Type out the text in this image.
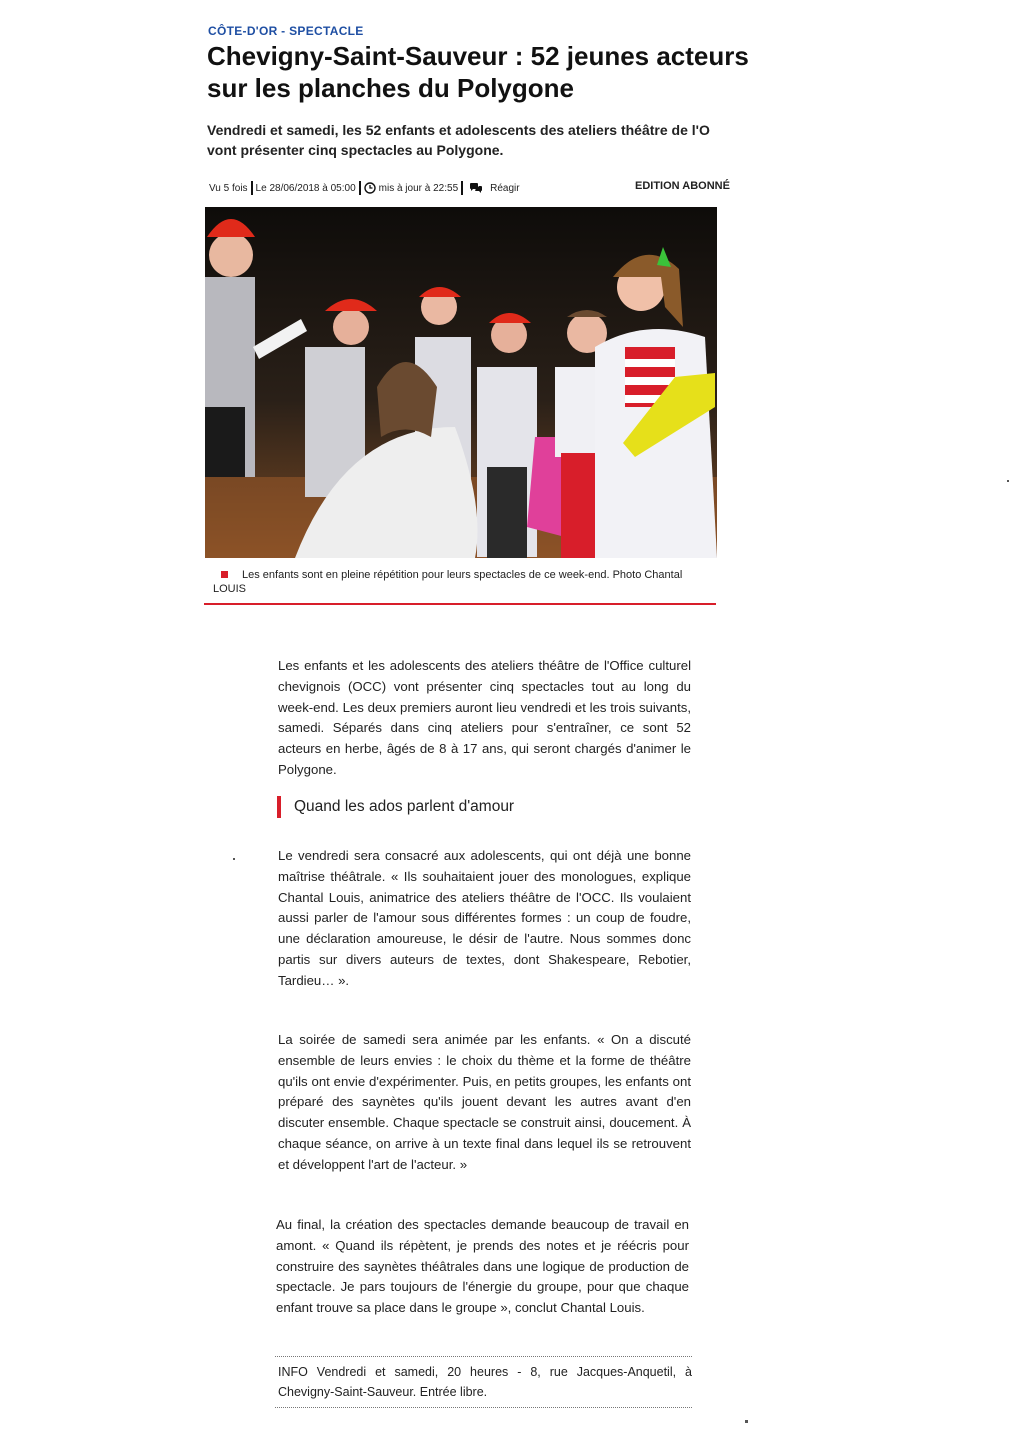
CÔTE-D'OR - SPECTACLE
Chevigny-Saint-Sauveur : 52 jeunes acteurs
sur les planches du Polygone
Vendredi et samedi, les 52 enfants et adolescents des ateliers théâtre de l'O
vont présenter cinq spectacles au Polygone.
Vu 5 fois Le 28/06/2018 à 05:00 mis à jour à 22:55	Réagir	EDITION ABONNÉ
Les enfants sont en pleine répétition pour leurs spectacles de ce week-end. Photo Chantal LOUIS
Les enfants et les adolescents des ateliers théâtre de l'Office culturel chevignois (OCC) vont présenter cinq spectacles tout au long du week-end. Les deux premiers auront lieu vendredi et les trois suivants, samedi. Séparés dans cinq ateliers pour s'entraîner, ce sont 52 acteurs en herbe, âgés de 8 à 17 ans, qui seront chargés d'animer le Polygone.
Quand les ados parlent d'amour
Le vendredi sera consacré aux adolescents, qui ont déjà une bonne maîtrise théâtrale. « Ils souhaitaient jouer des monologues, explique Chantal Louis, animatrice des ateliers théâtre de l'OCC. Ils voulaient aussi parler de l'amour sous différentes formes : un coup de foudre, une déclaration amoureuse, le désir de l'autre. Nous sommes donc partis sur divers auteurs de textes, dont Shakespeare, Rebotier, Tardieu… ».
La soirée de samedi sera animée par les enfants. « On a discuté ensemble de leurs envies : le choix du thème et la forme de théâtre qu'ils ont envie d'expérimenter. Puis, en petits groupes, les enfants ont préparé des saynètes qu'ils jouent devant les autres avant d'en discuter ensemble. Chaque spectacle se construit ainsi, doucement. À chaque séance, on arrive à un texte final dans lequel ils se retrouvent et développent l'art de l'acteur. »
Au final, la création des spectacles demande beaucoup de travail en amont. « Quand ils répètent, je prends des notes et je réécris pour construire des saynètes théâtrales dans une logique de production de spectacle. Je pars toujours de l'énergie du groupe, pour que chaque enfant trouve sa place dans le groupe », conclut Chantal Louis.
INFO Vendredi et samedi, 20 heures - 8, rue Jacques-Anquetil, à Chevigny-Saint-Sauveur. Entrée libre.
